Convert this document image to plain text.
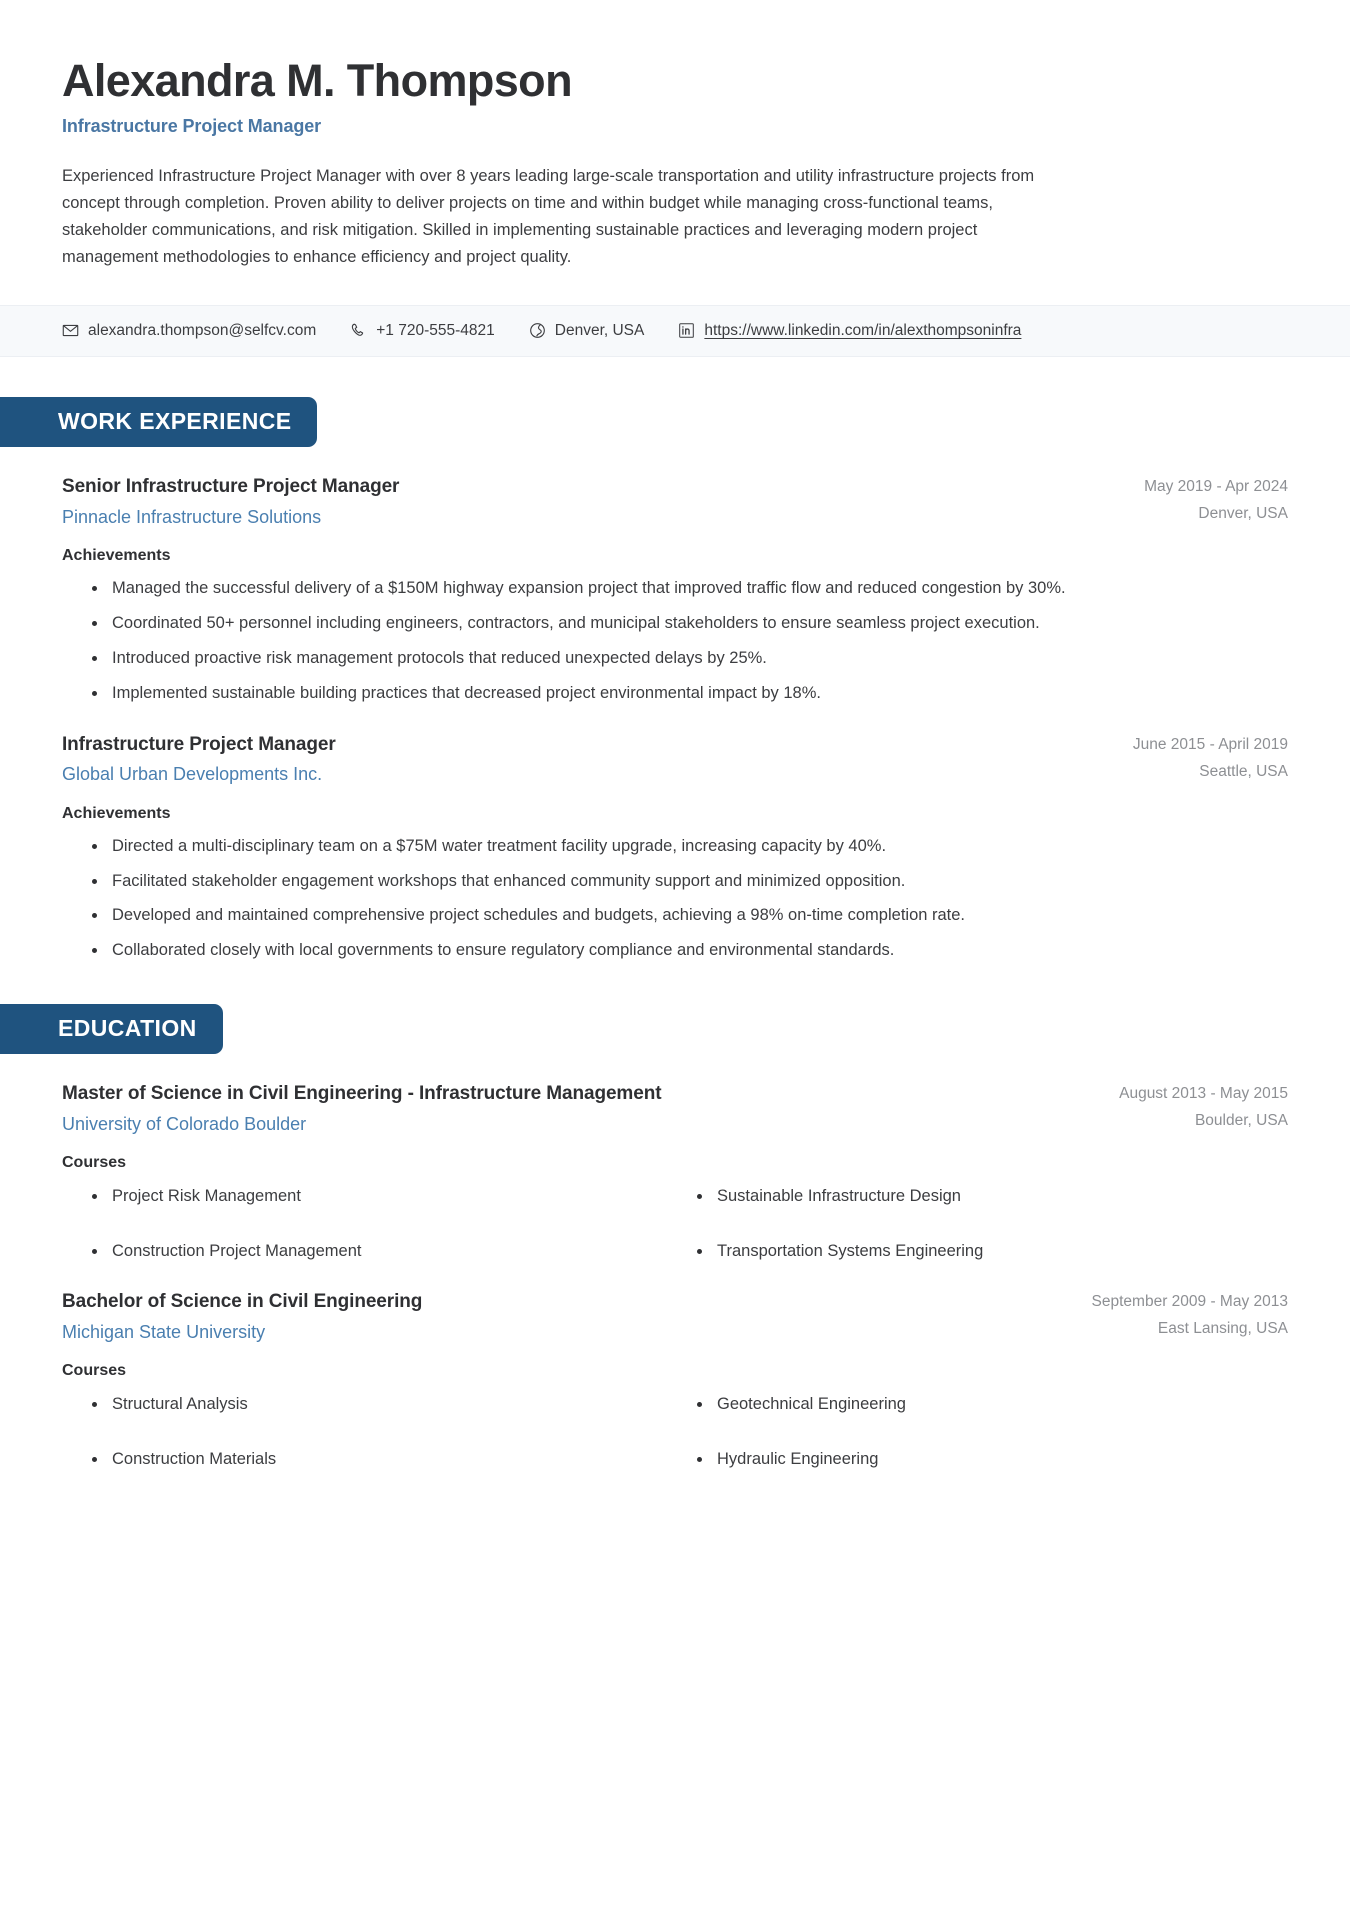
Alexandra M. Thompson
Infrastructure Project Manager

Experienced Infrastructure Project Manager with over 8 years leading large-scale transportation and utility infrastructure projects from concept through completion. Proven ability to deliver projects on time and within budget while managing cross-functional teams, stakeholder communications, and risk mitigation. Skilled in implementing sustainable practices and leveraging modern project management methodologies to enhance efficiency and project quality.

alexandra.thompson@selfcv.com	+1 720-555-4821	Denver, USA	https://www.linkedin.com/in/alexthompsoninfra
WORK EXPERIENCE
Senior Infrastructure Project Manager
Pinnacle Infrastructure Solutions
May 2019 - Apr 2024
Denver, USA
Achievements
Managed the successful delivery of a $150M highway expansion project that improved traffic flow and reduced congestion by 30%.
Coordinated 50+ personnel including engineers, contractors, and municipal stakeholders to ensure seamless project execution.
Introduced proactive risk management protocols that reduced unexpected delays by 25%.
Implemented sustainable building practices that decreased project environmental impact by 18%.
Infrastructure Project Manager
Global Urban Developments Inc.
June 2015 - April 2019
Seattle, USA
Achievements
Directed a multi-disciplinary team on a $75M water treatment facility upgrade, increasing capacity by 40%.
Facilitated stakeholder engagement workshops that enhanced community support and minimized opposition.
Developed and maintained comprehensive project schedules and budgets, achieving a 98% on-time completion rate.
Collaborated closely with local governments to ensure regulatory compliance and environmental standards.
EDUCATION
Master of Science in Civil Engineering - Infrastructure Management
University of Colorado Boulder
August 2013 - May 2015
Boulder, USA
Courses
Project Risk Management	Sustainable Infrastructure Design
Construction Project Management	Transportation Systems Engineering
Bachelor of Science in Civil Engineering
Michigan State University
September 2009 - May 2013
East Lansing, USA
Courses
Structural Analysis	Geotechnical Engineering
Construction Materials	Hydraulic Engineering
